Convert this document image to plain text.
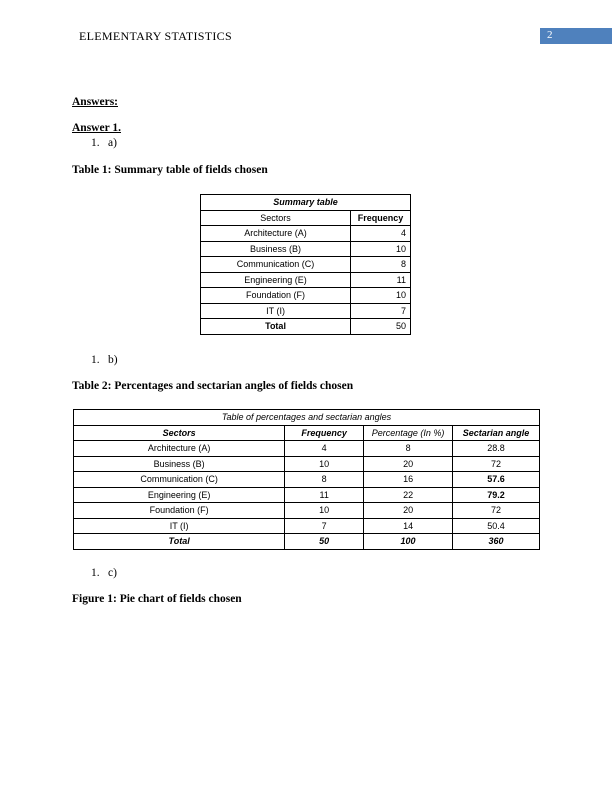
ELEMENTARY STATISTICS	2
Answers:
Answer 1.
1. a)
Table 1: Summary table of fields chosen
Summary table	
Sectors	Frequency
Architecture (A)	4
Business (B)	10
Communication (C)	8
Engineering (E)	11
Foundation (F)	10
IT (I)	7
Total	50
1. b)
Table 2: Percentages and sectarian angles of fields chosen
Table of percentages and sectarian angles			
Sectors	Frequency	Percentage (In %)	Sectarian angle
Architecture (A)	4	8	28.8
Business (B)	10	20	72
Communication (C)	8	16	57.6
Engineering (E)	11	22	79.2
Foundation (F)	10	20	72
IT (I)	7	14	50.4
Total	50	100	360
1. c)
Figure 1: Pie chart of fields chosen
